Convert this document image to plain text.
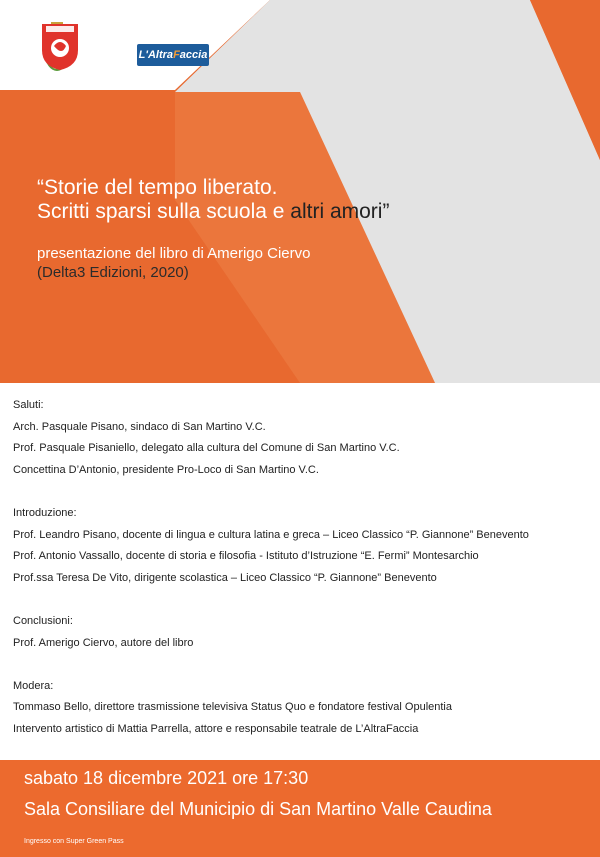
L'AltraFaccia
“Storie del tempo liberato.
Scritti sparsi sulla scuola e altri amori”
presentazione del libro di Amerigo Ciervo
(Delta3 Edizioni, 2020)
Saluti:
Arch. Pasquale Pisano, sindaco di San Martino V.C.
Prof. Pasquale Pisaniello, delegato alla cultura del Comune di San Martino V.C.
Concettina D’Antonio, presidente Pro-Loco di San Martino V.C.
Introduzione:
Prof. Leandro Pisano, docente di lingua e cultura latina e greca – Liceo Classico “P. Giannone” Benevento
Prof. Antonio Vassallo, docente di storia e filosofia - Istituto d’Istruzione “E. Fermi” Montesarchio
Prof.ssa Teresa De Vito, dirigente scolastica – Liceo Classico “P. Giannone” Benevento
Conclusioni:
Prof. Amerigo Ciervo, autore del libro
Modera:
Tommaso Bello, direttore trasmissione televisiva Status Quo e fondatore festival Opulentia
Intervento artistico di Mattia Parrella, attore e responsabile teatrale de L’AltraFaccia
sabato 18 dicembre 2021 ore 17:30
Sala Consiliare del Municipio di San Martino Valle Caudina
Ingresso con Super Green Pass
